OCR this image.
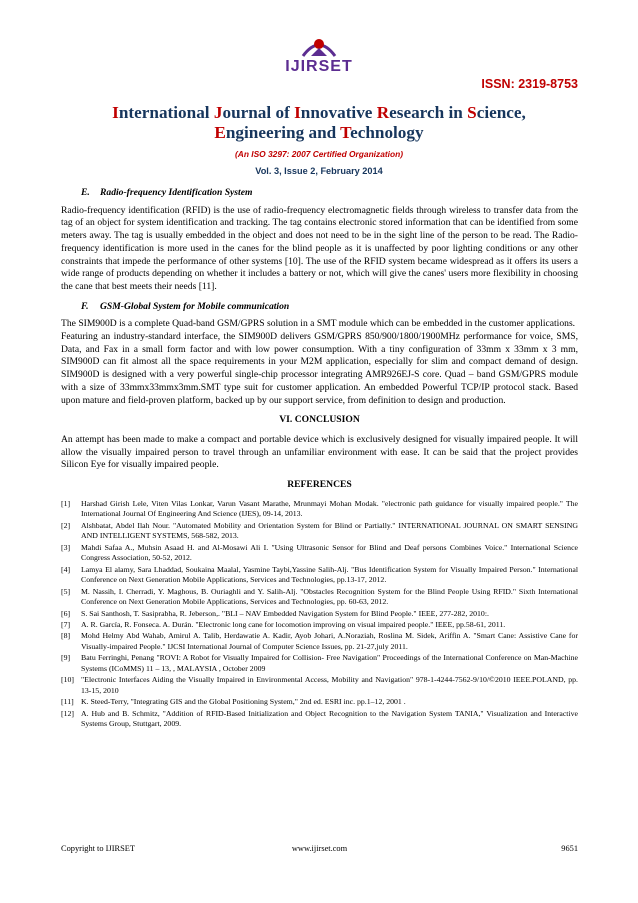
IJIRSET
ISSN: 2319-8753
International Journal of Innovative Research in Science,
Engineering and Technology
(An ISO 3297: 2007 Certified Organization)
Vol. 3, Issue 2, February 2014
E. Radio-frequency Identification System

Radio-frequency identification (RFID) is the use of radio-frequency electromagnetic fields through wireless to transfer data from the tag of an object for system identification and tracking. The tag contains electronic stored information that can be identified from some meters away. The tag is usually embedded in the object and does not need to be in the sight line of the person to be read. The Radio-frequency identification is more used in the canes for the blind people as it is unaffected by poor lighting conditions or any other constraints that impede the performance of other systems [10]. The use of the RFID system became widespread as it offers its users a wide range of products depending on whether it includes a battery or not, which will give the canes' users more flexibility in choosing the cane that best meets their needs [11].

F. GSM-Global System for Mobile communication

The SIM900D is a complete Quad-band GSM/GPRS solution in a SMT module which can be embedded in the customer applications.

Featuring an industry-standard interface, the SIM900D delivers GSM/GPRS 850/900/1800/1900MHz performance for voice, SMS, Data, and Fax in a small form factor and with low power consumption. With a tiny configuration of 33mm x 33mm x 3 mm, SIM900D can fit almost all the space requirements in your M2M application, especially for slim and compact demand of design. SIM900D is designed with a very powerful single-chip processor integrating AMR926EJ-S core. Quad – band GSM/GPRS module with a size of 33mmx33mmx3mm.SMT type suit for customer application. An embedded Powerful TCP/IP protocol stack. Based upon mature and field-proven platform, backed up by our support service, from definition to design and production.

VI. CONCLUSION

An attempt has been made to make a compact and portable device which is exclusively designed for visually impaired people. It will allow the visually impaired person to travel through an unfamiliar environment with ease. It can be said that the project provides Silicon Eye for visually impaired people.

REFERENCES
[1]	Harshad Girish Lele, Viten Vilas Lonkar, Varun Vasant Marathe, Mrunmayi Mohan Modak. "electronic path guidance for visually impaired people." The International Journal Of Engineering And Science (IJES), 09-14, 2013.
[2]	Alshbatat, Abdel Ilah Nour. "Automated Mobility and Orientation System for Blind or Partially." INTERNATIONAL JOURNAL ON SMART SENSING AND INTELLIGENT SYSTEMS, 568-582, 2013.
[3]	Mahdi Safaa A., Muhsin Asaad H. and Al-Mosawi Ali I. "Using Ultrasonic Sensor for Blind and Deaf persons Combines Voice." International Science Congress Association, 50-52, 2012.
[4]	Lamya El alamy, Sara Lhaddad, Soukaina Maalal, Yasmine Taybi,Yassine Salih-Alj. "Bus Identification System for Visually Impaired Person." International Conference on Next Generation Mobile Applications, Services and Technologies, pp.13-17, 2012.
[5]	M. Nassih, I. Cherradi, Y. Maghous, B. Ouriaghli and Y. Salih-Alj. "Obstacles Recognition System for the Blind People Using RFID." Sixth International Conference on Next Generation Mobile Applications, Services and Technologies, pp. 60-63, 2012.
[6]	S. Sai Santhosh, T. Sasiprabha, R. Jeberson,. "BLI – NAV Embedded Navigation System for Blind People." IEEE, 277-282, 2010:.
[7]	A. R. García, R. Fonseca. A. Durán. "Electronic long cane for locomotion improving on visual impaired people." IEEE, pp.58-61, 2011.
[8]	Mohd Helmy Abd Wahab, Amirul A. Talib, Herdawatie A. Kadir, Ayob Johari, A.Noraziah, Roslina M. Sidek, Ariffin A. "Smart Cane: Assistive Cane for Visually-impaired People." IJCSI International Journal of Computer Science Issues, pp. 21-27,july 2011.
[9]	Batu Ferringhi, Penang "ROVI: A Robot for Visually Impaired for Collision- Free Navigation" Proceedings of the International Conference on Man-Machine Systems (ICoMMS) 11 – 13, , MALAYSIA , October 2009
[10] "Electronic Interfaces Aiding the Visually Impaired in Environmental Access, Mobility and Navigation" 978-1-4244-7562-9/10/©2010 IEEE.POLAND, pp. 13-15, 2010
[11] K. Steed-Terry, "Integrating GIS and the Global Positioning System," 2nd ed. ESRI inc. pp.1–12, 2001 .
[12] A. Hub and B. Schmitz, "Addition of RFID-Based Initialization and Object Recognition to the Navigation System TANIA," Visualization and Interactive Systems Group, Stuttgart, 2009.
Copyright to IJIRSET	www.ijirset.com	9651
